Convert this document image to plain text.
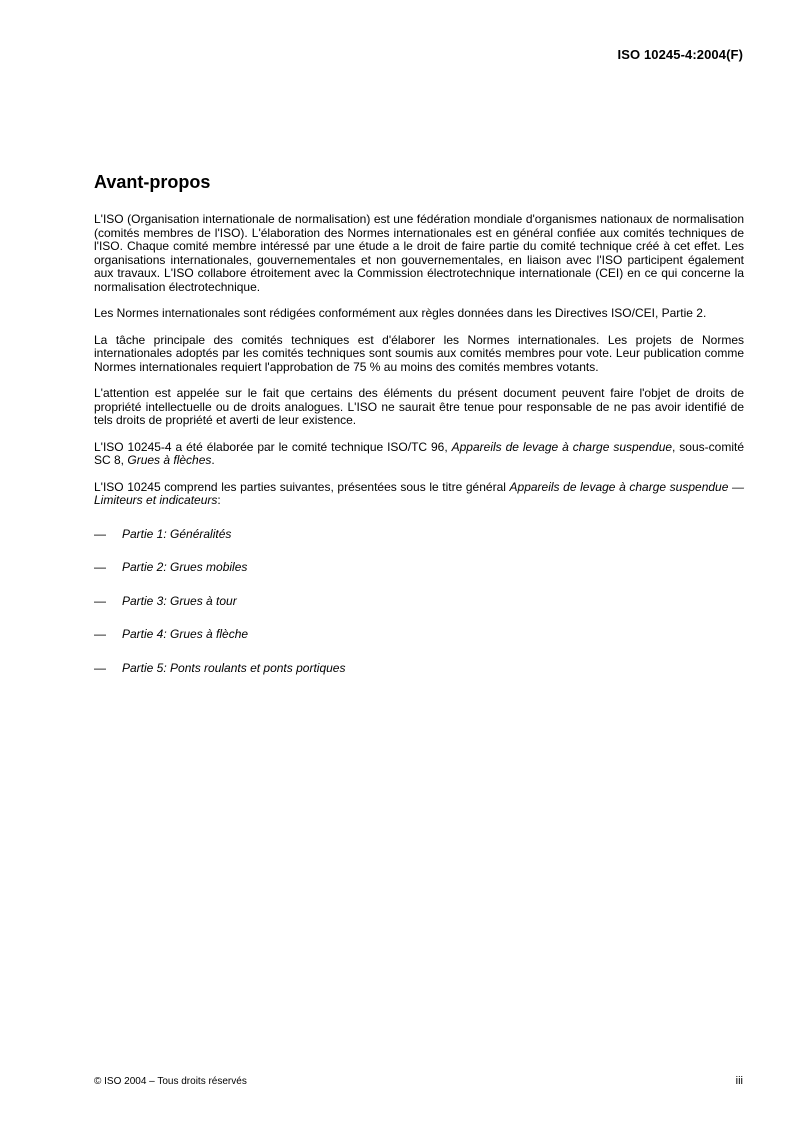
ISO 10245-4:2004(F)
Avant-propos

L'ISO (Organisation internationale de normalisation) est une fédération mondiale d'organismes nationaux de normalisation (comités membres de l'ISO). L'élaboration des Normes internationales est en général confiée aux comités techniques de l'ISO. Chaque comité membre intéressé par une étude a le droit de faire partie du comité technique créé à cet effet. Les organisations internationales, gouvernementales et non gouvernementales, en liaison avec l'ISO participent également aux travaux. L'ISO collabore étroitement avec la Commission électrotechnique internationale (CEI) en ce qui concerne la normalisation électrotechnique.

Les Normes internationales sont rédigées conformément aux règles données dans les Directives ISO/CEI, Partie 2.

La tâche principale des comités techniques est d'élaborer les Normes internationales. Les projets de Normes internationales adoptés par les comités techniques sont soumis aux comités membres pour vote. Leur publication comme Normes internationales requiert l'approbation de 75 % au moins des comités membres votants.

L'attention est appelée sur le fait que certains des éléments du présent document peuvent faire l'objet de droits de propriété intellectuelle ou de droits analogues. L'ISO ne saurait être tenue pour responsable de ne pas avoir identifié de tels droits de propriété et averti de leur existence.

L'ISO 10245-4 a été élaborée par le comité technique ISO/TC 96, Appareils de levage à charge suspendue, sous-comité SC 8, Grues à flèches.

L'ISO 10245 comprend les parties suivantes, présentées sous le titre général Appareils de levage à charge suspendue — Limiteurs et indicateurs:

—	Partie 1: Généralités
—	Partie 2: Grues mobiles
—	Partie 3: Grues à tour
—	Partie 4: Grues à flèche
—	Partie 5: Ponts roulants et ponts portiques
© ISO 2004 – Tous droits réservés	iii
